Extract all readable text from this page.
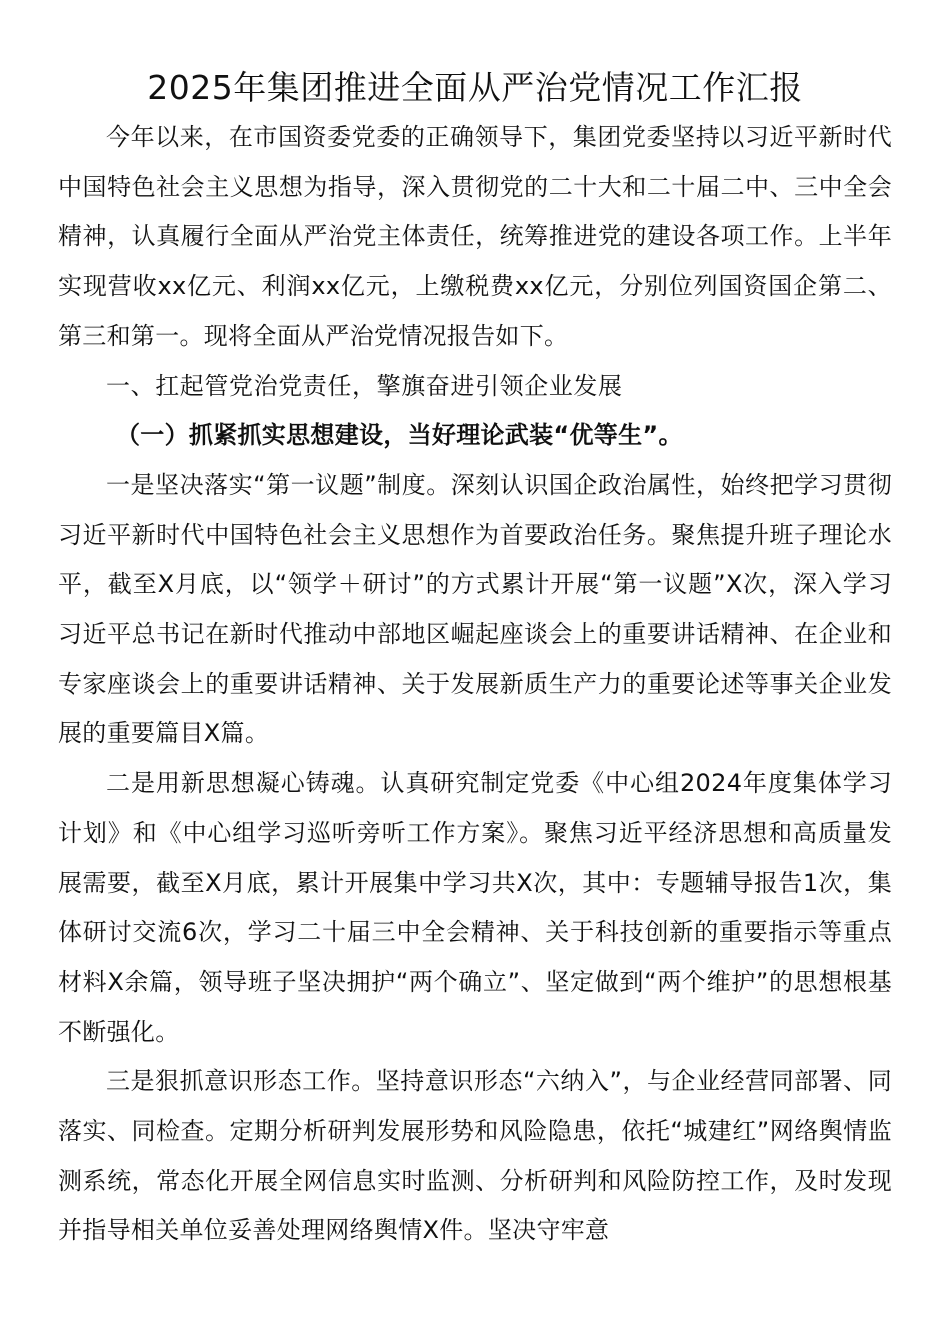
2025年集团推进全面从严治党情况工作汇报

今年以来，在市国资委党委的正确领导下，集团党委坚持以习近平新时代中国特色社会主义思想为指导，深入贯彻党的二十大和二十届二中、三中全会精神，认真履行全面从严治党主体责任，统筹推进党的建设各项工作。上半年实现营收xx亿元、利润xx亿元，上缴税费xx亿元，分别位列国资国企第二、第三和第一。现将全面从严治党情况报告如下。

一、扛起管党治党责任，擎旗奋进引领企业发展

（一）抓紧抓实思想建设，当好理论武装“优等生”。

一是坚决落实“第一议题”制度。深刻认识国企政治属性，始终把学习贯彻习近平新时代中国特色社会主义思想作为首要政治任务。聚焦提升班子理论水平，截至X月底，以“领学＋研讨”的方式累计开展“第一议题”X次，深入学习习近平总书记在新时代推动中部地区崛起座谈会上的重要讲话精神、在企业和专家座谈会上的重要讲话精神、关于发展新质生产力的重要论述等事关企业发展的重要篇目X篇。

二是用新思想凝心铸魂。认真研究制定党委《中心组2024年度集体学习计划》和《中心组学习巡听旁听工作方案》。聚焦习近平经济思想和高质量发展需要，截至X月底，累计开展集中学习共X次，其中：专题辅导报告1次，集体研讨交流6次，学习二十届三中全会精神、关于科技创新的重要指示等重点材料X余篇，领导班子坚决拥护“两个确立”、坚定做到“两个维护”的思想根基不断强化。

三是狠抓意识形态工作。坚持意识形态“六纳入”，与企业经营同部署、同落实、同检查。定期分析研判发展形势和风险隐患，依托“城建红”网络舆情监测系统，常态化开展全网信息实时监测、分析研判和风险防控工作，及时发现并指导相关单位妥善处理网络舆情X件。坚决守牢意
